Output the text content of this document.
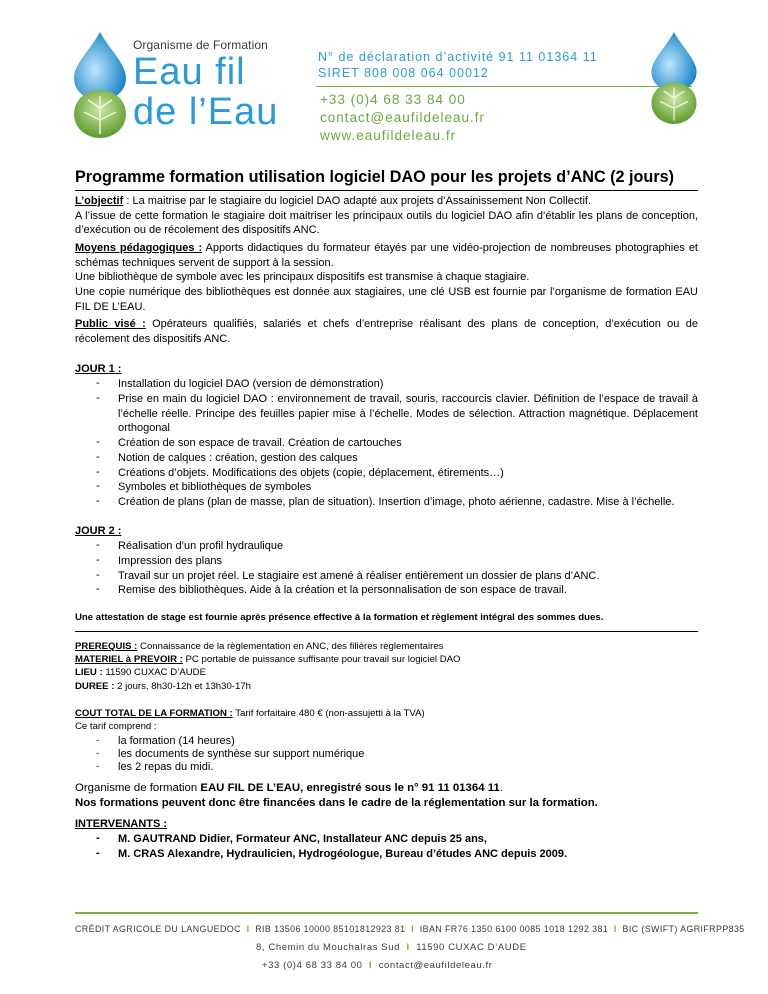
Organisme de Formation
Eau fil
de l’Eau
N° de déclaration d’activité 91 11 01364 11
SIRET 808 008 064 00012
+33 (0)4 68 33 84 00
contact@eaufildeleau.fr
www.eaufildeleau.fr
Programme formation utilisation logiciel DAO pour les projets d’ANC (2 jours)
L’objectif : La maitrise par le stagiaire du logiciel DAO adapté aux projets d’Assainissement Non Collectif.
A l’issue de cette formation le stagiaire doit maitriser les principaux outils du logiciel DAO afin d’établir les plans de conception, d’exécution ou de récolement des dispositifs ANC.
Moyens pédagogiques : Apports didactiques du formateur étayés par une vidéo-projection de nombreuses photographies et schémas techniques servent de support à la session.
Une bibliothèque de symbole avec les principaux dispositifs est transmise à chaque stagiaire.
Une copie numérique des bibliothèques est donnée aux stagiaires, une clé USB est fournie par l’organisme de formation EAU FIL DE L’EAU.
Public visé : Opérateurs qualifiés, salariés et chefs d’entreprise réalisant des plans de conception, d’exécution ou de récolement des dispositifs ANC.
JOUR 1 :
- Installation du logiciel DAO (version de démonstration)
- Prise en main du logiciel DAO : environnement de travail, souris, raccourcis clavier. Définition de l’espace de travail à l’échelle réelle. Principe des feuilles papier mise à l’échelle. Modes de sélection. Attraction magnétique. Déplacement orthogonal
- Création de son espace de travail. Création de cartouches
- Notion de calques : création, gestion des calques
- Créations d’objets. Modifications des objets (copie, déplacement, étirements…)
- Symboles et bibliothèques de symboles
- Création de plans (plan de masse, plan de situation). Insertion d’image, photo aérienne, cadastre. Mise à l’échelle.
JOUR 2 :
- Réalisation d’un profil hydraulique
- Impression des plans
- Travail sur un projet réel. Le stagiaire est amené à réaliser entièrement un dossier de plans d’ANC.
- Remise des bibliothèques. Aide à la création et la personnalisation de son espace de travail.
Une attestation de stage est fournie après présence effective à la formation et règlement intégral des sommes dues.
PREREQUIS : Connaissance de la règlementation en ANC, des filières règlementaires
MATERIEL à PREVOIR : PC portable de puissance suffisante pour travail sur logiciel DAO
LIEU : 11590 CUXAC D’AUDE
DUREE : 2 jours, 8h30-12h et 13h30-17h
COUT TOTAL DE LA FORMATION : Tarif forfaitaire 480 € (non-assujetti à la TVA)
Ce tarif comprend :
- la formation (14 heures)
- les documents de synthèse sur support numérique
- les 2 repas du midi.
Organisme de formation EAU FIL DE L’EAU, enregistré sous le n° 91 11 01364 11.
Nos formations peuvent donc être financées dans le cadre de la réglementation sur la formation.
INTERVENANTS :
- M. GAUTRAND Didier, Formateur ANC, Installateur ANC depuis 25 ans,
- M. CRAS Alexandre, Hydraulicien, Hydrogéologue, Bureau d’études ANC depuis 2009.
CRÉDIT AGRICOLE DU LANGUEDOC I RIB 13506 10000 85101812923 81 I IBAN FR76 1350 6100 0085 1018 1292 381 I BIC (SWIFT) AGRIFRPP835
8, Chemin du Mouchalras Sud I 11590 CUXAC D’AUDE
+33 (0)4 68 33 84 00 I contact@eaufildeleau.fr
